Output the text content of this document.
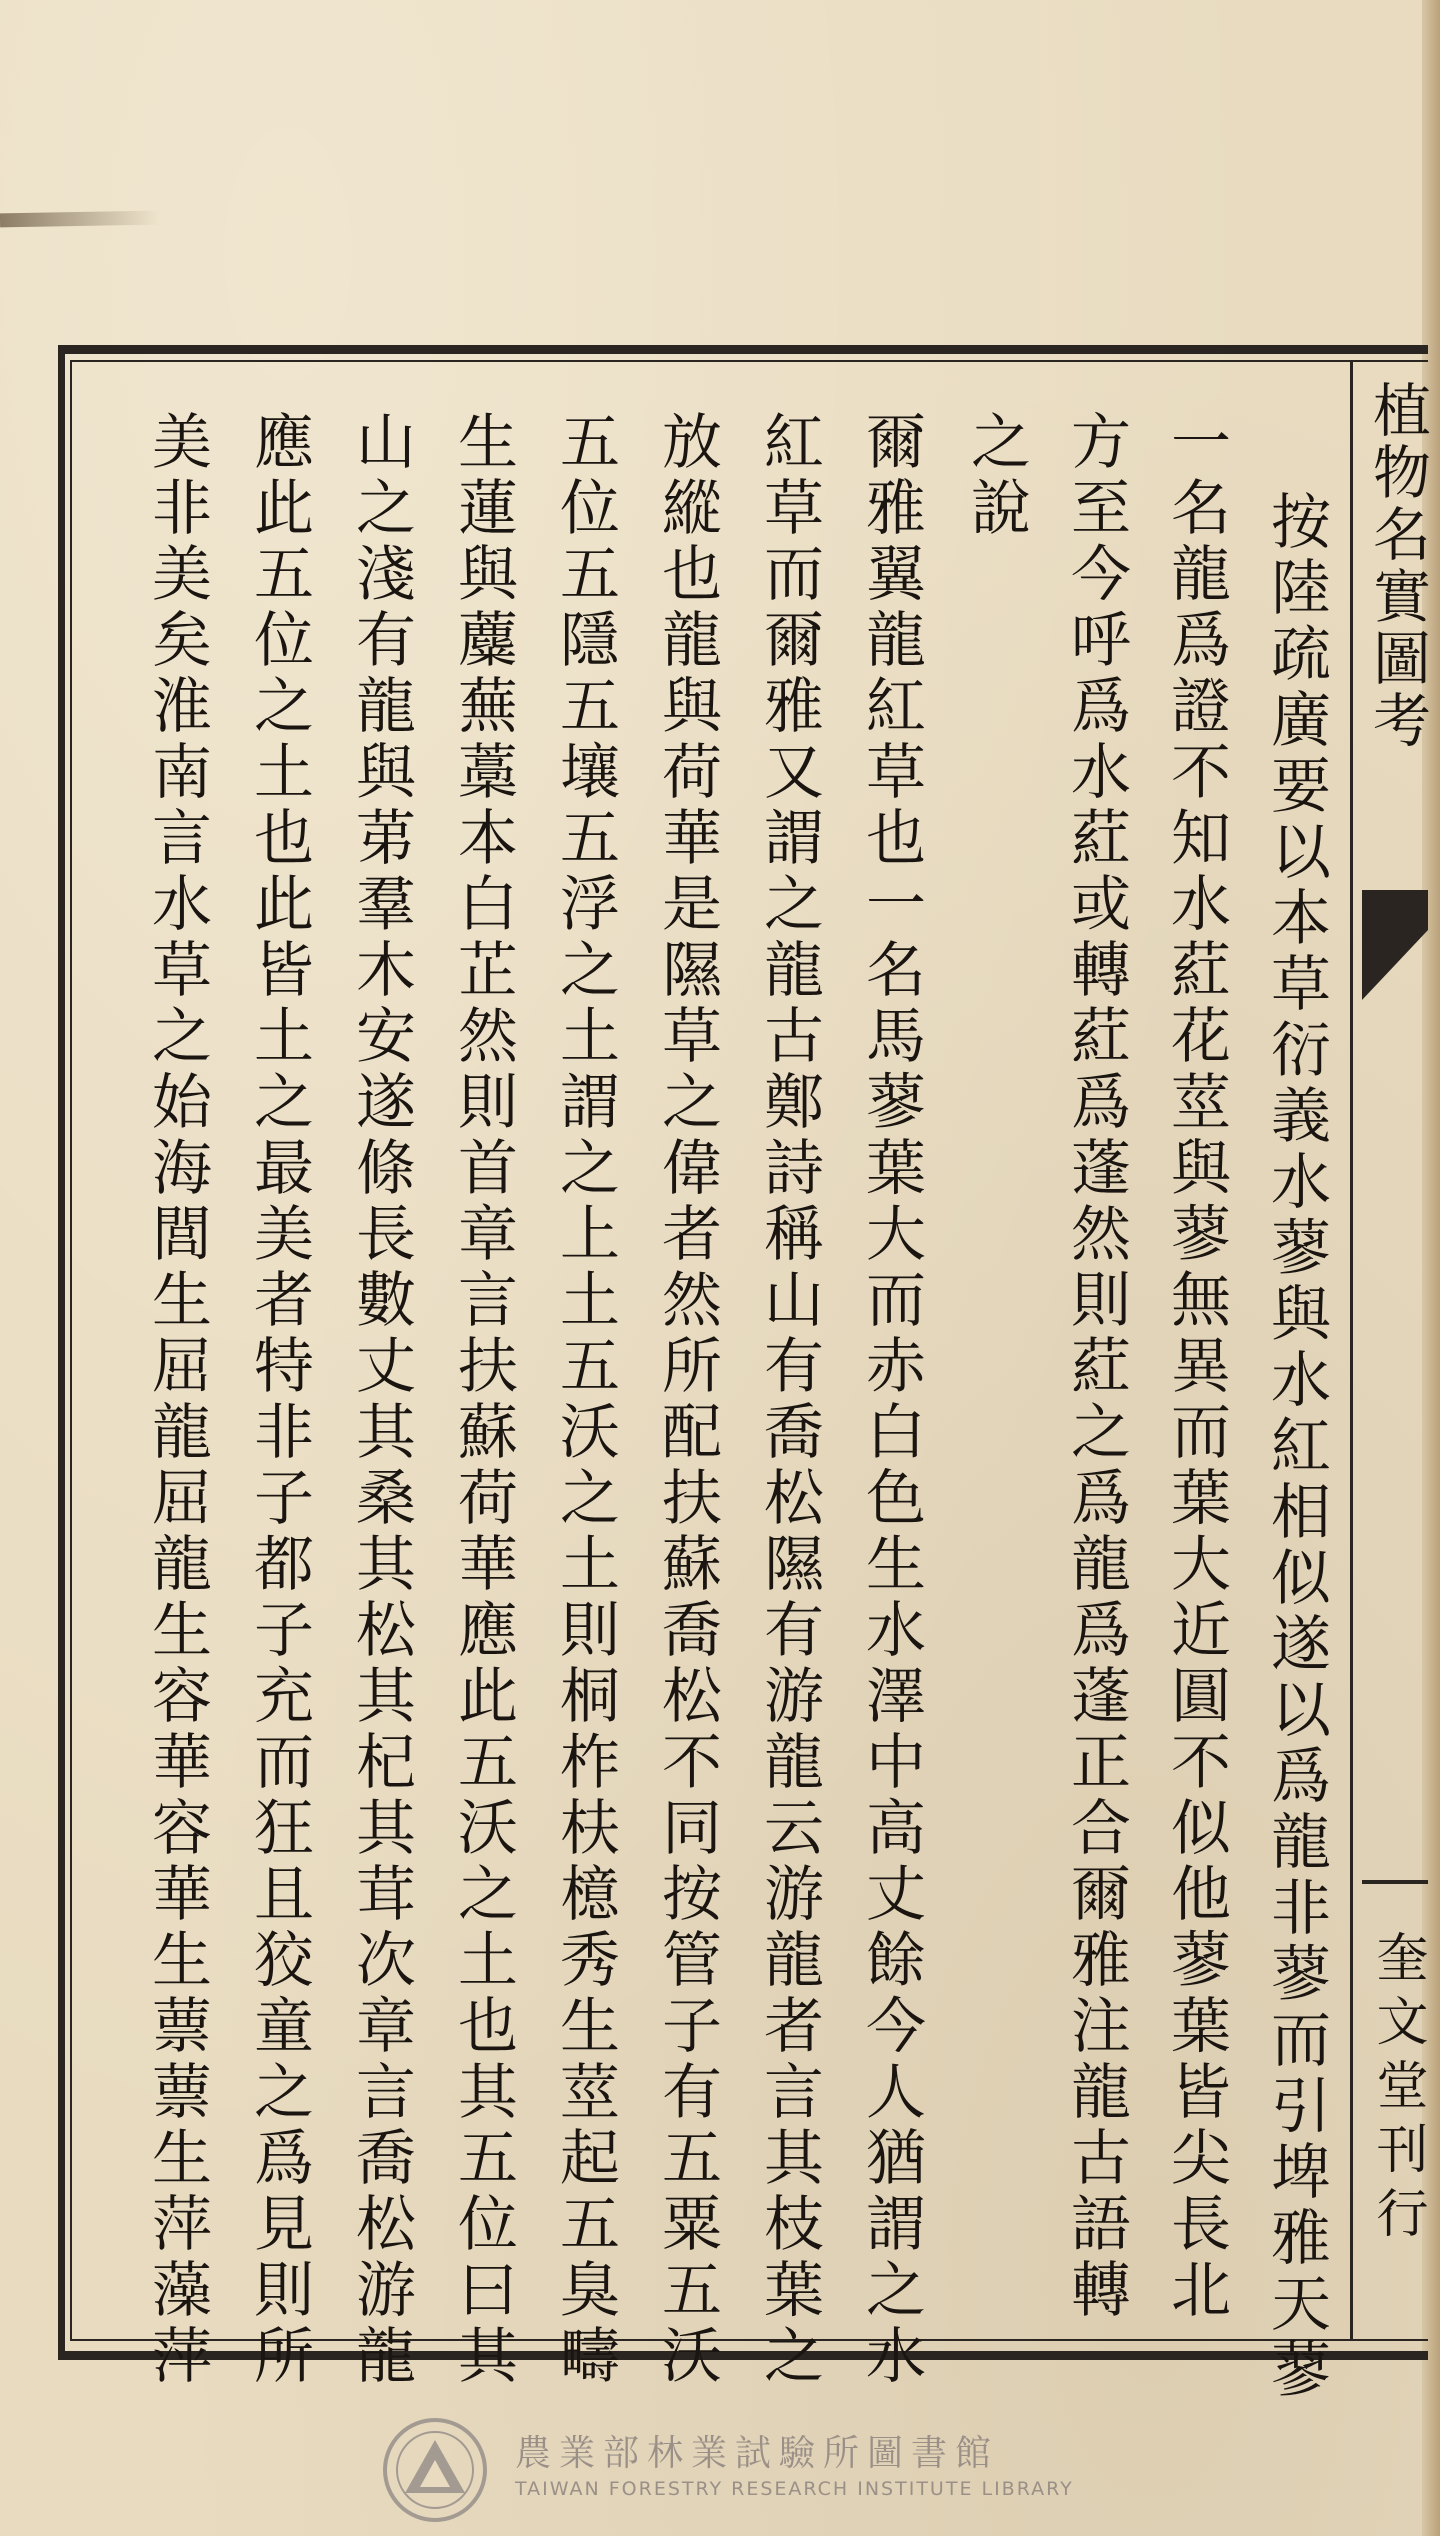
按陸疏廣要以本草衍義水蓼與水紅相似遂以爲龍非蓼而引埤雅天蓼
一名龍爲證不知水葒花莖與蓼無異而葉大近圓不似他蓼葉皆尖長北
方至今呼爲水葒或轉葒爲蓬然則葒之爲龍爲蓬正合爾雅注龍古語轉
之說
爾雅翼龍紅草也一名馬蓼葉大而赤白色生水澤中高丈餘今人猶謂之水
紅草而爾雅又謂之龍古鄭詩稱山有喬松隰有游龍云游龍者言其枝葉之
放縱也龍與荷華是隰草之偉者然所配扶蘇喬松不同按管子有五粟五沃
五位五隱五壤五浮之土謂之上土五沃之土則桐柞枎檍秀生莖起五臭疇
生蓮與蘪蕪藁本白芷然則首章言扶蘇荷華應此五沃之土也其五位曰其
山之淺有龍與苐羣木安遂條長數丈其桑其松其杞其茸次章言喬松游龍
應此五位之土也此皆土之最美者特非子都子充而狂且狡童之爲見則所
美非美矣淮南言水草之始海閭生屈龍屈龍生容華容華生蔈蔈生萍藻萍	植物名實圖考
奎文堂刊行
農業部林業試驗所圖書館
TAIWAN FORESTRY RESEARCH INSTITUTE LIBRARY
